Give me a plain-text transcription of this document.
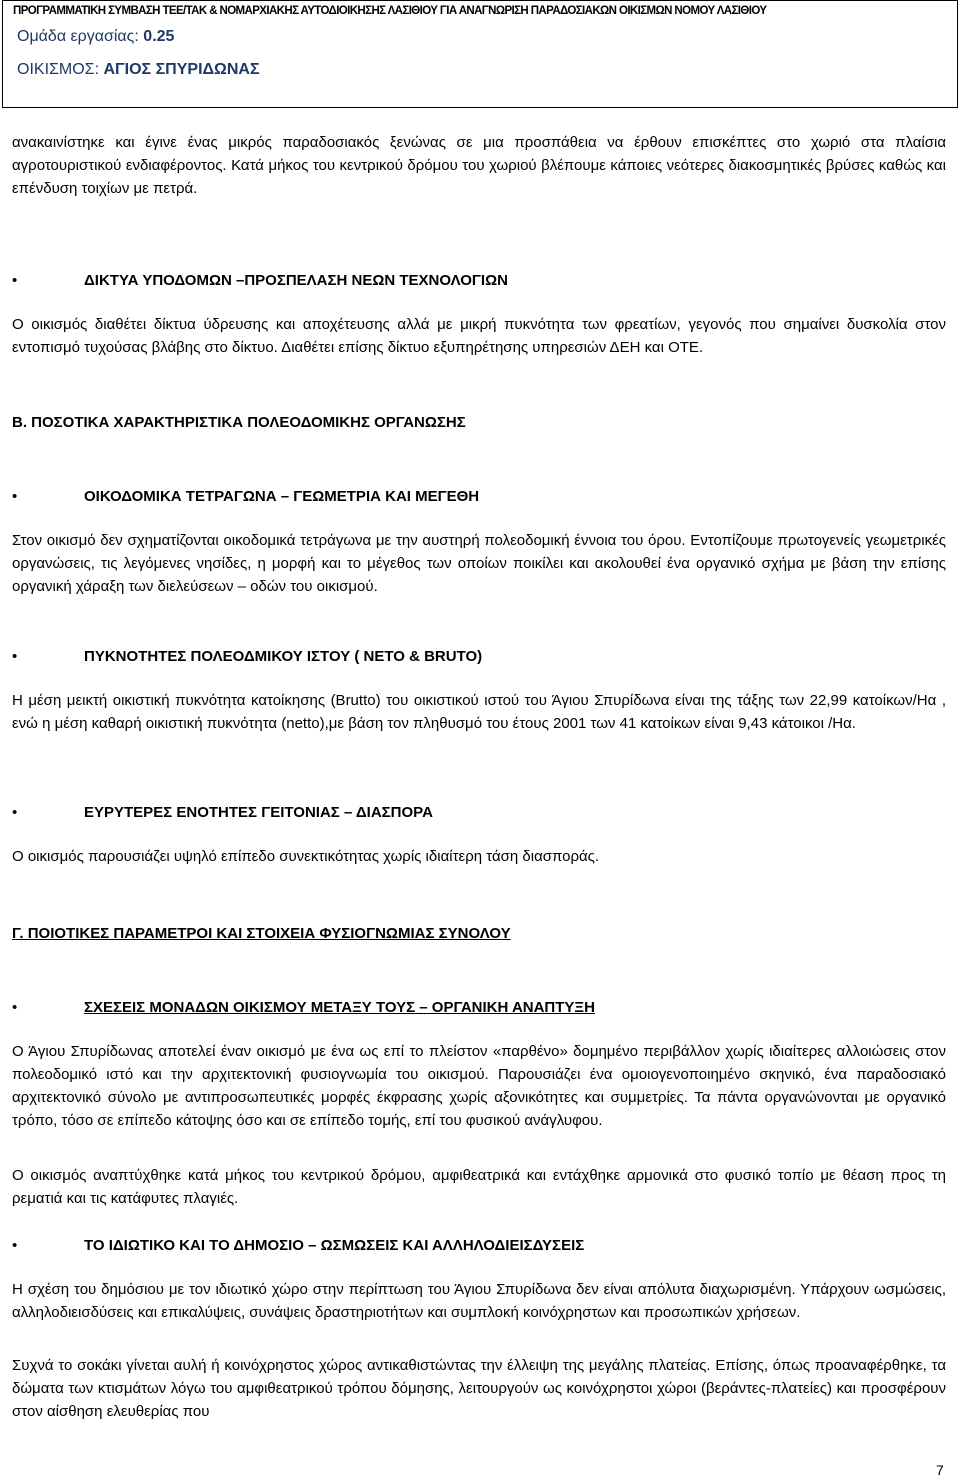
ΠΡΟΓΡΑΜΜΑΤΙΚΗ ΣΥΜΒΑΣΗ ΤΕΕ/ΤΑΚ & ΝΟΜΑΡΧΙΑΚΗΣ ΑΥΤΟΔΙΟΙΚΗΣΗΣ ΛΑΣΙΘΙΟΥ ΓΙΑ ΑΝΑΓΝΩΡΙΣΗ ΠΑΡΑΔΟΣΙΑΚΩΝ ΟΙΚΙΣΜΩΝ ΝΟΜΟΥ ΛΑΣΙΘΙΟΥ
Ομάδα εργασίας: 0.25
ΟΙΚΙΣΜΟΣ: ΑΓΙΟΣ ΣΠΥΡΙΔΩΝΑΣ

ανακαινίστηκε και έγινε ένας μικρός παραδοσιακός ξενώνας σε μια προσπάθεια να έρθουν επισκέπτες στο χωριό στα πλαίσια αγροτουριστικού ενδιαφέροντος. Κατά μήκος του κεντρικού δρόμου του χωριού βλέπουμε κάποιες νεότερες διακοσμητικές βρύσες καθώς και επένδυση τοιχίων με πετρά.

•	ΔΙΚΤΥΑ ΥΠΟΔΟΜΩΝ –ΠΡΟΣΠΕΛΑΣΗ ΝΕΩΝ ΤΕΧΝΟΛΟΓΙΩΝ

Ο οικισμός διαθέτει δίκτυα ύδρευσης και αποχέτευσης αλλά με μικρή πυκνότητα των φρεατίων, γεγονός που σημαίνει δυσκολία στον εντοπισμό τυχούσας βλάβης στο δίκτυο. Διαθέτει επίσης δίκτυο εξυπηρέτησης υπηρεσιών ΔΕΗ και ΟΤΕ.

Β. ΠΟΣΟΤΙΚΑ ΧΑΡΑΚΤΗΡΙΣΤΙΚΑ ΠΟΛΕΟΔΟΜΙΚΗΣ ΟΡΓΑΝΩΣΗΣ
•	ΟΙΚΟΔΟΜΙΚΑ ΤΕΤΡΑΓΩΝΑ – ΓΕΩΜΕΤΡΙΑ ΚΑΙ ΜΕΓΕΘΗ

Στον οικισμό δεν σχηματίζονται οικοδομικά τετράγωνα με την αυστηρή πολεοδομική έννοια του όρου. Εντοπίζουμε πρωτογενείς γεωμετρικές οργανώσεις, τις λεγόμενες νησίδες, η μορφή και το μέγεθος των οποίων ποικίλει και ακολουθεί ένα οργανικό σχήμα με βάση την επίσης οργανική χάραξη των διελεύσεων – οδών του οικισμού.

•	ΠΥΚΝΟΤΗΤΕΣ ΠΟΛΕΟΔΜΙΚΟΥ ΙΣΤΟΥ ( ΝΕΤΟ & BRUTO)

Η μέση μεικτή οικιστική πυκνότητα κατοίκησης (Brutto) του οικιστικού ιστού του Άγιου Σπυρίδωνα είναι της τάξης των 22,99 κατοίκων/Ηα , ενώ η μέση καθαρή οικιστική πυκνότητα (netto),με βάση τον πληθυσμό του έτους 2001 των 41 κατοίκων είναι 9,43 κάτοικοι /Ηα.

•	ΕΥΡΥΤΕΡΕΣ ΕΝΟΤΗΤΕΣ ΓΕΙΤΟΝΙΑΣ – ΔΙΑΣΠΟΡΑ

Ο οικισμός παρουσιάζει υψηλό επίπεδο συνεκτικότητας χωρίς ιδιαίτερη τάση διασποράς.

Γ. ΠΟΙΟΤΙΚΕΣ ΠΑΡΑΜΕΤΡΟΙ ΚΑΙ ΣΤΟΙΧΕΙΑ ΦΥΣΙΟΓΝΩΜΙΑΣ ΣΥΝΟΛΟΥ
•	ΣΧΕΣΕΙΣ ΜΟΝΑΔΩΝ ΟΙΚΙΣΜΟΥ ΜΕΤΑΞΥ ΤΟΥΣ – ΟΡΓΑΝΙΚΗ ΑΝΑΠΤΥΞΗ

Ο Άγιου Σπυρίδωνας αποτελεί έναν οικισμό με ένα ως επί το πλείστον «παρθένο» δομημένο περιβάλλον χωρίς ιδιαίτερες αλλοιώσεις στον πολεοδομικό ιστό και την αρχιτεκτονική φυσιογνωμία του οικισμού. Παρουσιάζει ένα ομοιογενοποιημένο σκηνικό, ένα παραδοσιακό αρχιτεκτονικό σύνολο με αντιπροσωπευτικές μορφές έκφρασης χωρίς αξονικότητες και συμμετρίες. Τα πάντα οργανώνονται με οργανικό τρόπο, τόσο σε επίπεδο κάτοψης όσο και σε επίπεδο τομής, επί του φυσικού ανάγλυφου.

Ο οικισμός αναπτύχθηκε κατά μήκος του κεντρικού δρόμου, αμφιθεατρικά και εντάχθηκε αρμονικά στο φυσικό τοπίο με θέαση προς τη ρεματιά και τις κατάφυτες πλαγιές.

•	ΤΟ ΙΔΙΩΤΙΚΟ ΚΑΙ ΤΟ ΔΗΜΟΣΙΟ – ΩΣΜΩΣΕΙΣ ΚΑΙ ΑΛΛΗΛΟΔΙΕΙΣΔΥΣΕΙΣ

Η σχέση του δημόσιου με τον ιδιωτικό χώρο στην περίπτωση του Άγιου Σπυρίδωνα δεν είναι απόλυτα διαχωρισμένη. Υπάρχουν ωσμώσεις, αλληλοδιεισδύσεις και επικαλύψεις, συνάψεις δραστηριοτήτων και συμπλοκή κοινόχρηστων και προσωπικών χρήσεων.

Συχνά το σοκάκι γίνεται αυλή ή κοινόχρηστος χώρος αντικαθιστώντας την έλλειψη της μεγάλης πλατείας. Επίσης, όπως προαναφέρθηκε, τα δώματα των κτισμάτων λόγω του αμφιθεατρικού τρόπου δόμησης, λειτουργούν ως κοινόχρηστοι χώροι (βεράντες-πλατείες) και προσφέρουν στον αίσθηση ελευθερίας που

7
